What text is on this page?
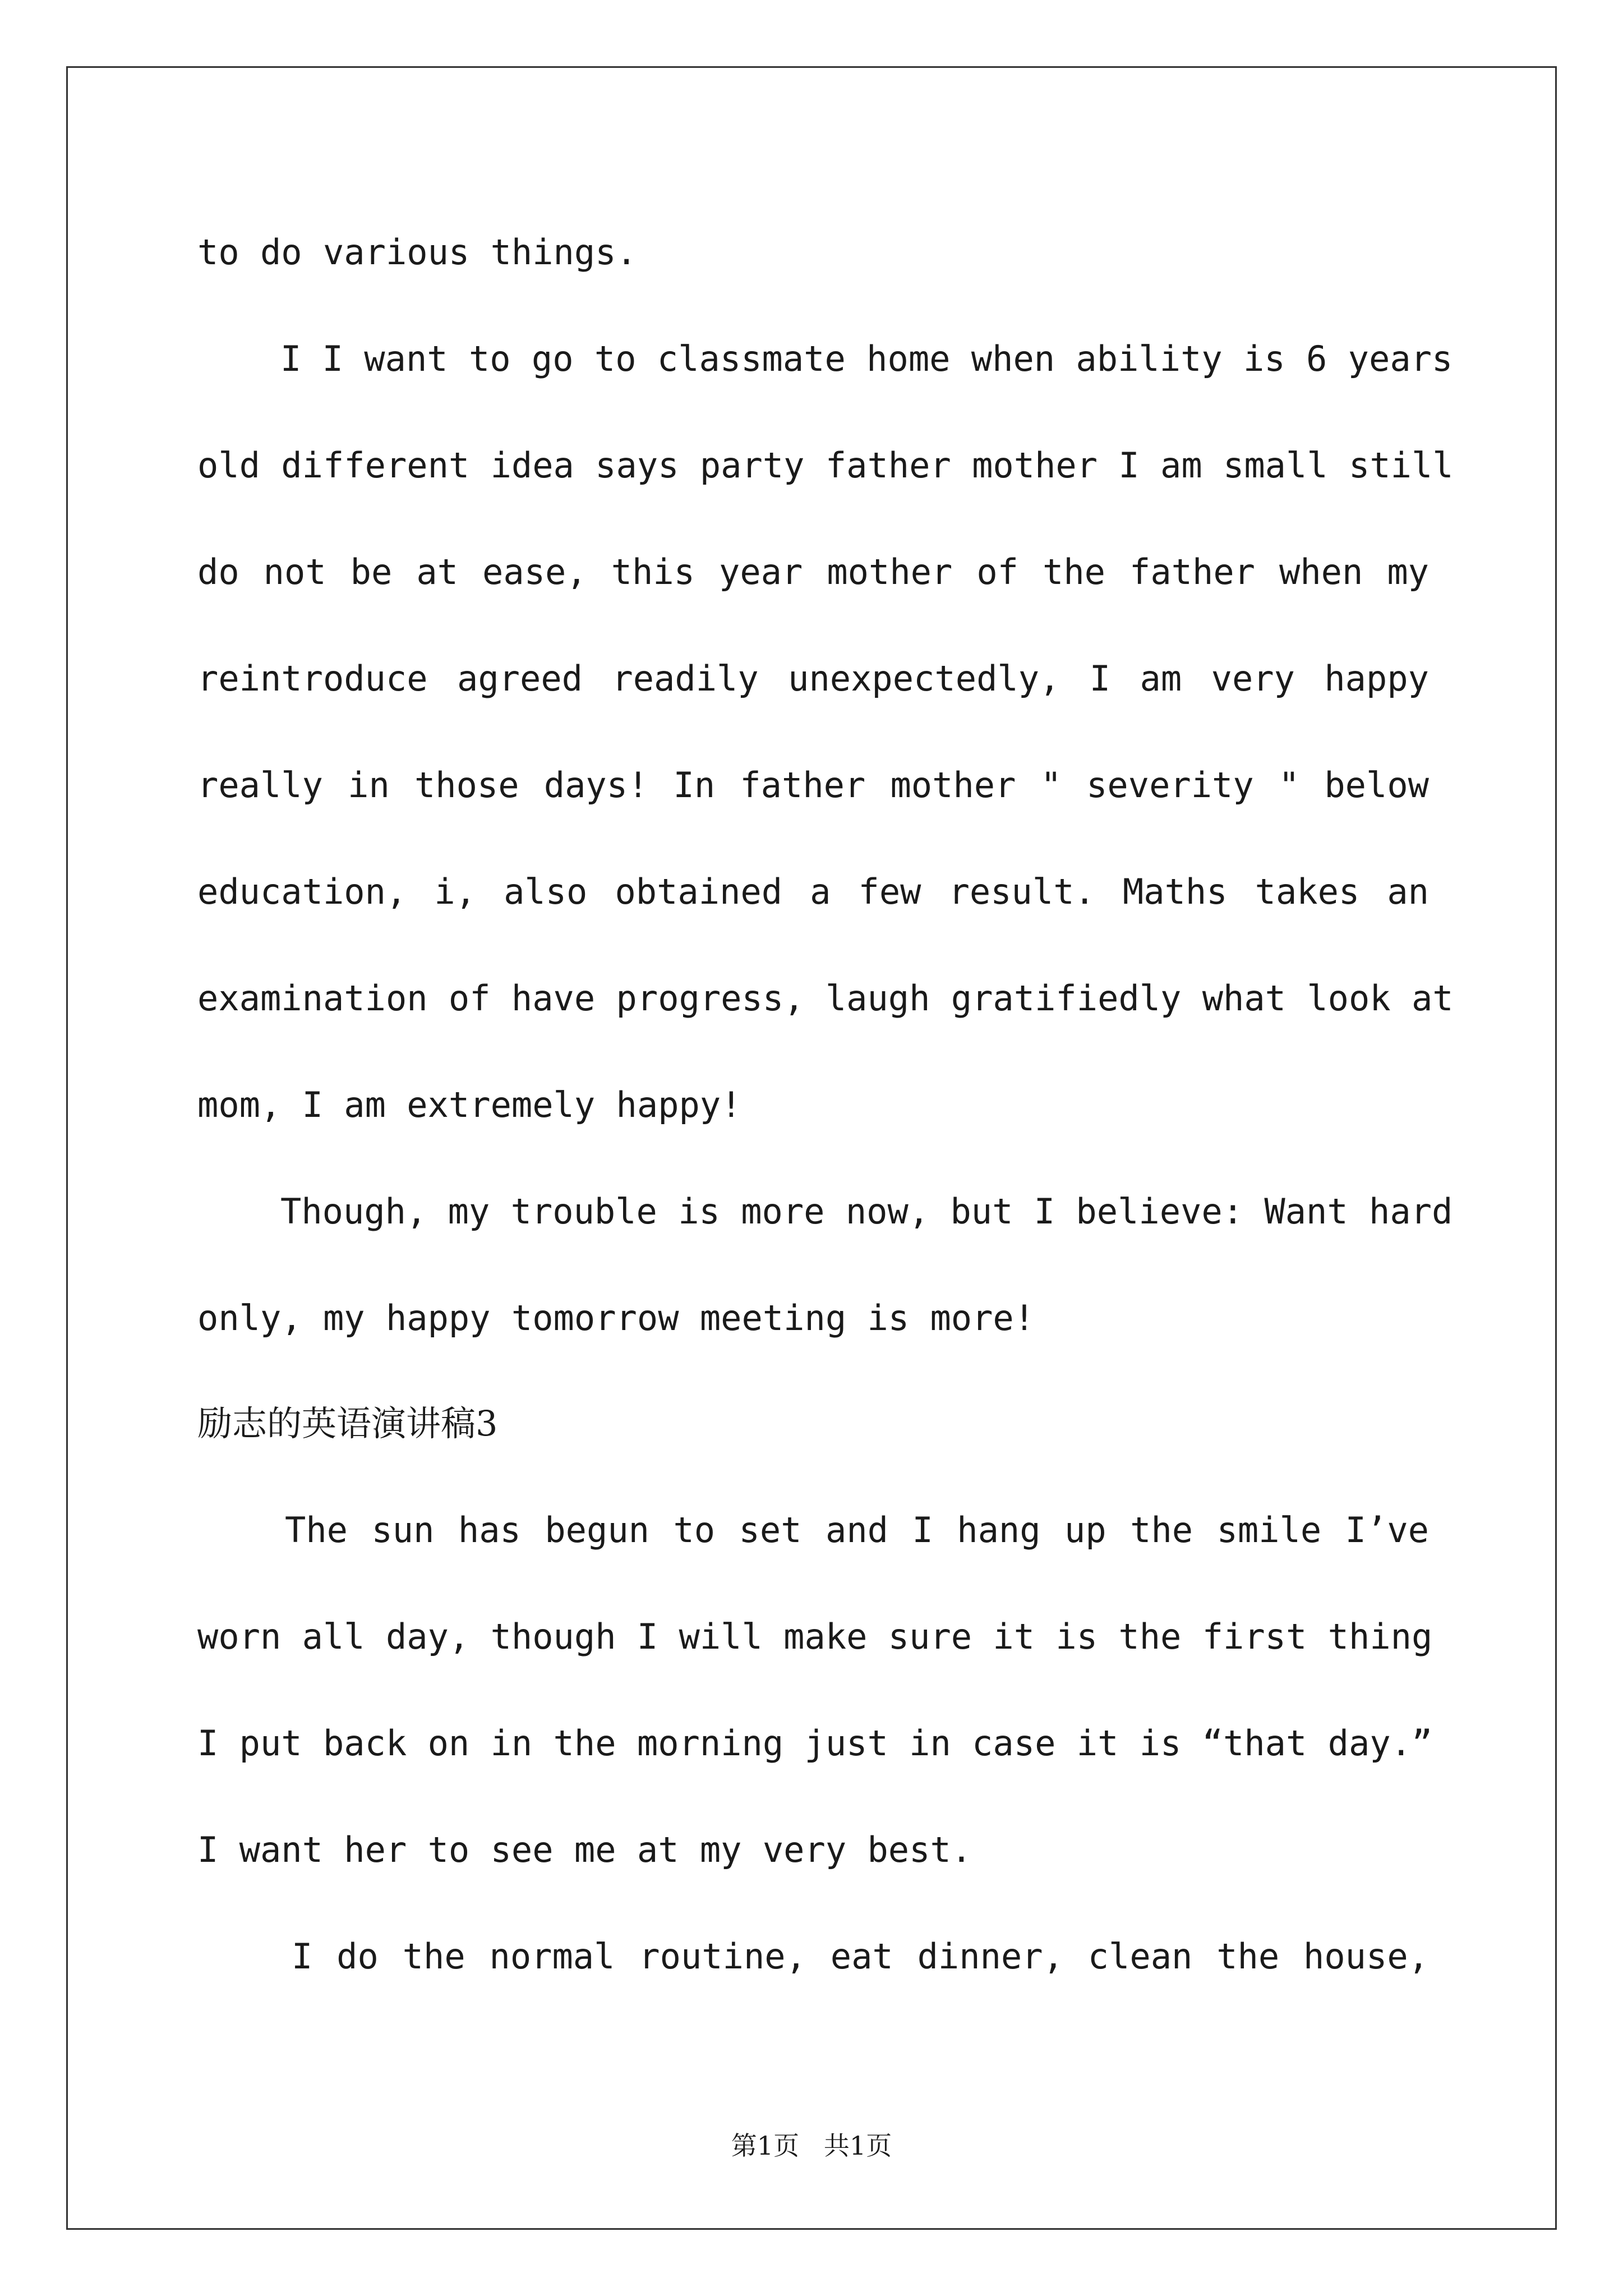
to do various things.
I I want to go to classmate home when ability is 6 years
old different idea says party father mother I am small still
do not be at ease, this year mother of the father when my
reintroduce agreed readily unexpectedly, I am very happy
really in those days! In father mother " severity " below
education, i, also obtained a few result. Maths takes an
examination of have progress, laugh gratifiedly what look at
mom, I am extremely happy!
Though, my trouble is more now, but I believe: Want hard
only, my happy tomorrow meeting is more!
励志的英语演讲稿3
The sun has begun to set and I hang up the smile I’ve
worn all day, though I will make sure it is the first thing
I put back on in the morning just in case it is “that day.”
I want her to see me at my very best.
I do the normal routine, eat dinner, clean the house,
第1页   共1页
